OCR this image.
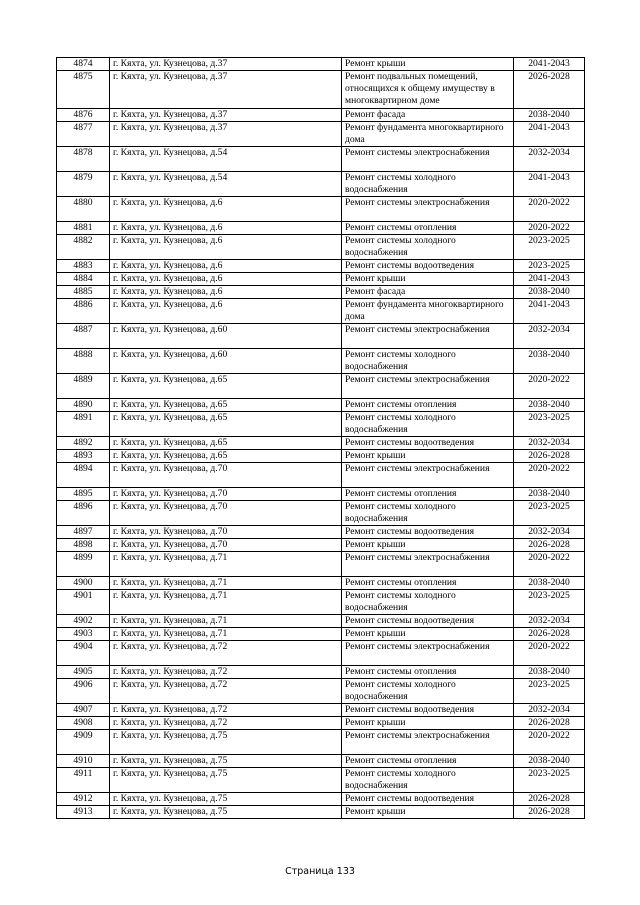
4874	г. Кяхта, ул. Кузнецова, д.37	Ремонт крыши	2041-2043
4875	г. Кяхта, ул. Кузнецова, д.37	Ремонт подвальных помещений, относящихся к общему имуществу в многоквартирном доме	2026-2028
4876	г. Кяхта, ул. Кузнецова, д.37	Ремонт фасада	2038-2040
4877	г. Кяхта, ул. Кузнецова, д.37	Ремонт фундамента многоквартирного дома	2041-2043
4878	г. Кяхта, ул. Кузнецова, д.54	Ремонт системы электроснабжения	2032-2034
4879	г. Кяхта, ул. Кузнецова, д.54	Ремонт системы холодного водоснабжения	2041-2043
4880	г. Кяхта, ул. Кузнецова, д.6	Ремонт системы электроснабжения	2020-2022
4881	г. Кяхта, ул. Кузнецова, д.6	Ремонт системы отопления	2020-2022
4882	г. Кяхта, ул. Кузнецова, д.6	Ремонт системы холодного водоснабжения	2023-2025
4883	г. Кяхта, ул. Кузнецова, д.6	Ремонт системы водоотведения	2023-2025
4884	г. Кяхта, ул. Кузнецова, д.6	Ремонт крыши	2041-2043
4885	г. Кяхта, ул. Кузнецова, д.6	Ремонт фасада	2038-2040
4886	г. Кяхта, ул. Кузнецова, д.6	Ремонт фундамента многоквартирного дома	2041-2043
4887	г. Кяхта, ул. Кузнецова, д.60	Ремонт системы электроснабжения	2032-2034
4888	г. Кяхта, ул. Кузнецова, д.60	Ремонт системы холодного водоснабжения	2038-2040
4889	г. Кяхта, ул. Кузнецова, д.65	Ремонт системы электроснабжения	2020-2022
4890	г. Кяхта, ул. Кузнецова, д.65	Ремонт системы отопления	2038-2040
4891	г. Кяхта, ул. Кузнецова, д.65	Ремонт системы холодного водоснабжения	2023-2025
4892	г. Кяхта, ул. Кузнецова, д.65	Ремонт системы водоотведения	2032-2034
4893	г. Кяхта, ул. Кузнецова, д.65	Ремонт крыши	2026-2028
4894	г. Кяхта, ул. Кузнецова, д.70	Ремонт системы электроснабжения	2020-2022
4895	г. Кяхта, ул. Кузнецова, д.70	Ремонт системы отопления	2038-2040
4896	г. Кяхта, ул. Кузнецова, д.70	Ремонт системы холодного водоснабжения	2023-2025
4897	г. Кяхта, ул. Кузнецова, д.70	Ремонт системы водоотведения	2032-2034
4898	г. Кяхта, ул. Кузнецова, д.70	Ремонт крыши	2026-2028
4899	г. Кяхта, ул. Кузнецова, д.71	Ремонт системы электроснабжения	2020-2022
4900	г. Кяхта, ул. Кузнецова, д.71	Ремонт системы отопления	2038-2040
4901	г. Кяхта, ул. Кузнецова, д.71	Ремонт системы холодного водоснабжения	2023-2025
4902	г. Кяхта, ул. Кузнецова, д.71	Ремонт системы водоотведения	2032-2034
4903	г. Кяхта, ул. Кузнецова, д.71	Ремонт крыши	2026-2028
4904	г. Кяхта, ул. Кузнецова, д.72	Ремонт системы электроснабжения	2020-2022
4905	г. Кяхта, ул. Кузнецова, д.72	Ремонт системы отопления	2038-2040
4906	г. Кяхта, ул. Кузнецова, д.72	Ремонт системы холодного водоснабжения	2023-2025
4907	г. Кяхта, ул. Кузнецова, д.72	Ремонт системы водоотведения	2032-2034
4908	г. Кяхта, ул. Кузнецова, д.72	Ремонт крыши	2026-2028
4909	г. Кяхта, ул. Кузнецова, д.75	Ремонт системы электроснабжения	2020-2022
4910	г. Кяхта, ул. Кузнецова, д.75	Ремонт системы отопления	2038-2040
4911	г. Кяхта, ул. Кузнецова, д.75	Ремонт системы холодного водоснабжения	2023-2025
4912	г. Кяхта, ул. Кузнецова, д.75	Ремонт системы водоотведения	2026-2028
4913	г. Кяхта, ул. Кузнецова, д.75	Ремонт крыши	2026-2028
Страница 133
